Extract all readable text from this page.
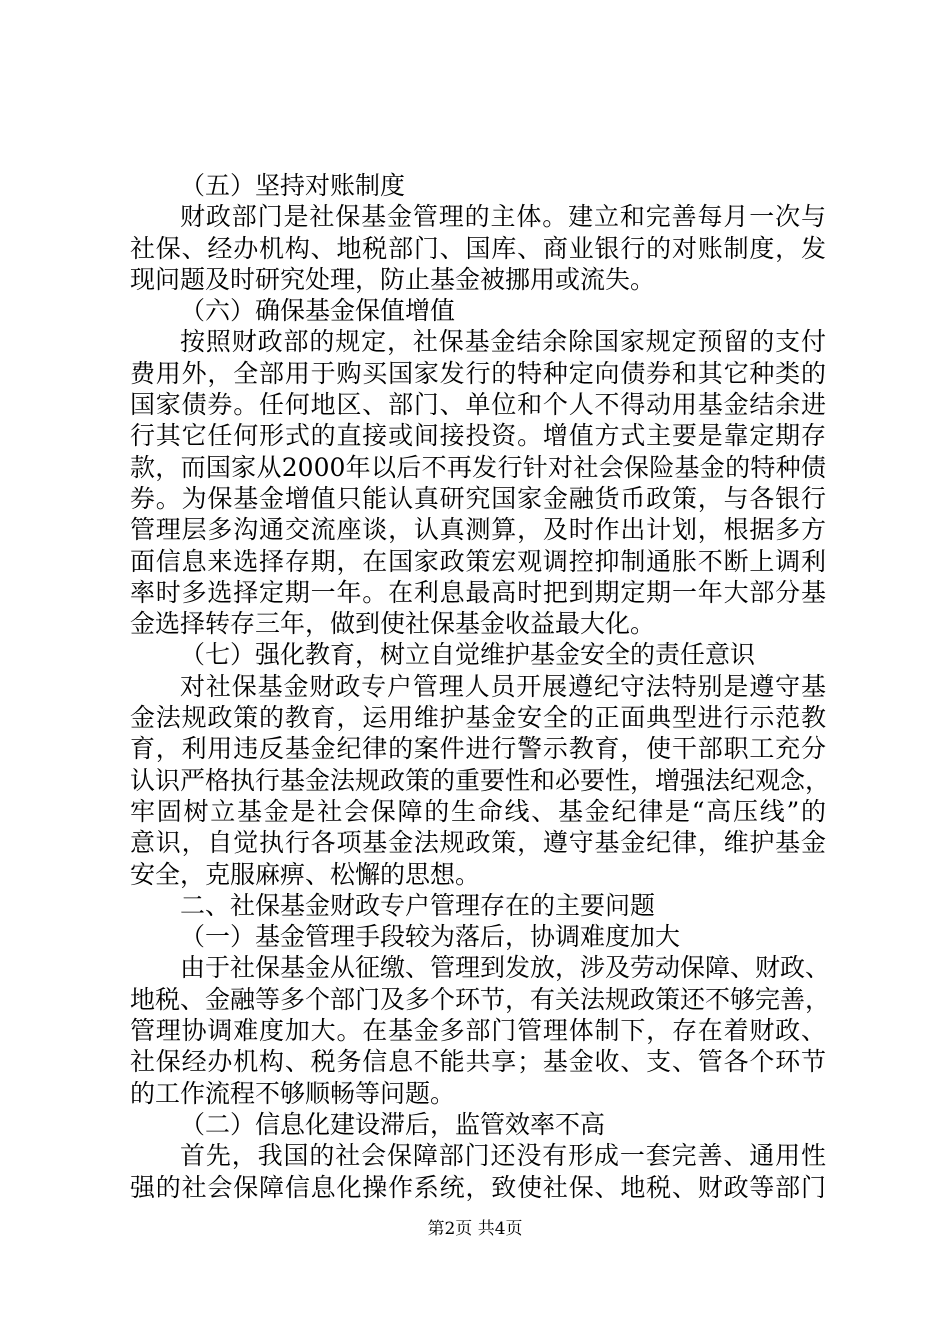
（五）坚持对账制度
财政部门是社保基金管理的主体。建立和完善每月一次与
社保、经办机构、地税部门、国库、商业银行的对账制度，发
现问题及时研究处理，防止基金被挪用或流失。
（六）确保基金保值增值
按照财政部的规定，社保基金结余除国家规定预留的支付
费用外，全部用于购买国家发行的特种定向债券和其它种类的
国家债券。任何地区、部门、单位和个人不得动用基金结余进
行其它任何形式的直接或间接投资。增值方式主要是靠定期存
款，而国家从2000年以后不再发行针对社会保险基金的特种债
券。为保基金增值只能认真研究国家金融货币政策，与各银行
管理层多沟通交流座谈，认真测算，及时作出计划，根据多方
面信息来选择存期，在国家政策宏观调控抑制通胀不断上调利
率时多选择定期一年。在利息最高时把到期定期一年大部分基
金选择转存三年，做到使社保基金收益最大化。
（七）强化教育，树立自觉维护基金安全的责任意识
对社保基金财政专户管理人员开展遵纪守法特别是遵守基
金法规政策的教育，运用维护基金安全的正面典型进行示范教
育，利用违反基金纪律的案件进行警示教育，使干部职工充分
认识严格执行基金法规政策的重要性和必要性，增强法纪观念，
牢固树立基金是社会保障的生命线、基金纪律是“高压线”的
意识，自觉执行各项基金法规政策，遵守基金纪律，维护基金
安全，克服麻痹、松懈的思想。
二、社保基金财政专户管理存在的主要问题
（一）基金管理手段较为落后，协调难度加大
由于社保基金从征缴、管理到发放，涉及劳动保障、财政、
地税、金融等多个部门及多个环节，有关法规政策还不够完善，
管理协调难度加大。在基金多部门管理体制下，存在着财政、
社保经办机构、税务信息不能共享；基金收、支、管各个环节
的工作流程不够顺畅等问题。
（二）信息化建设滞后，监管效率不高
首先，我国的社会保障部门还没有形成一套完善、通用性
强的社会保障信息化操作系统，致使社保、地税、财政等部门
第2页 共4页
